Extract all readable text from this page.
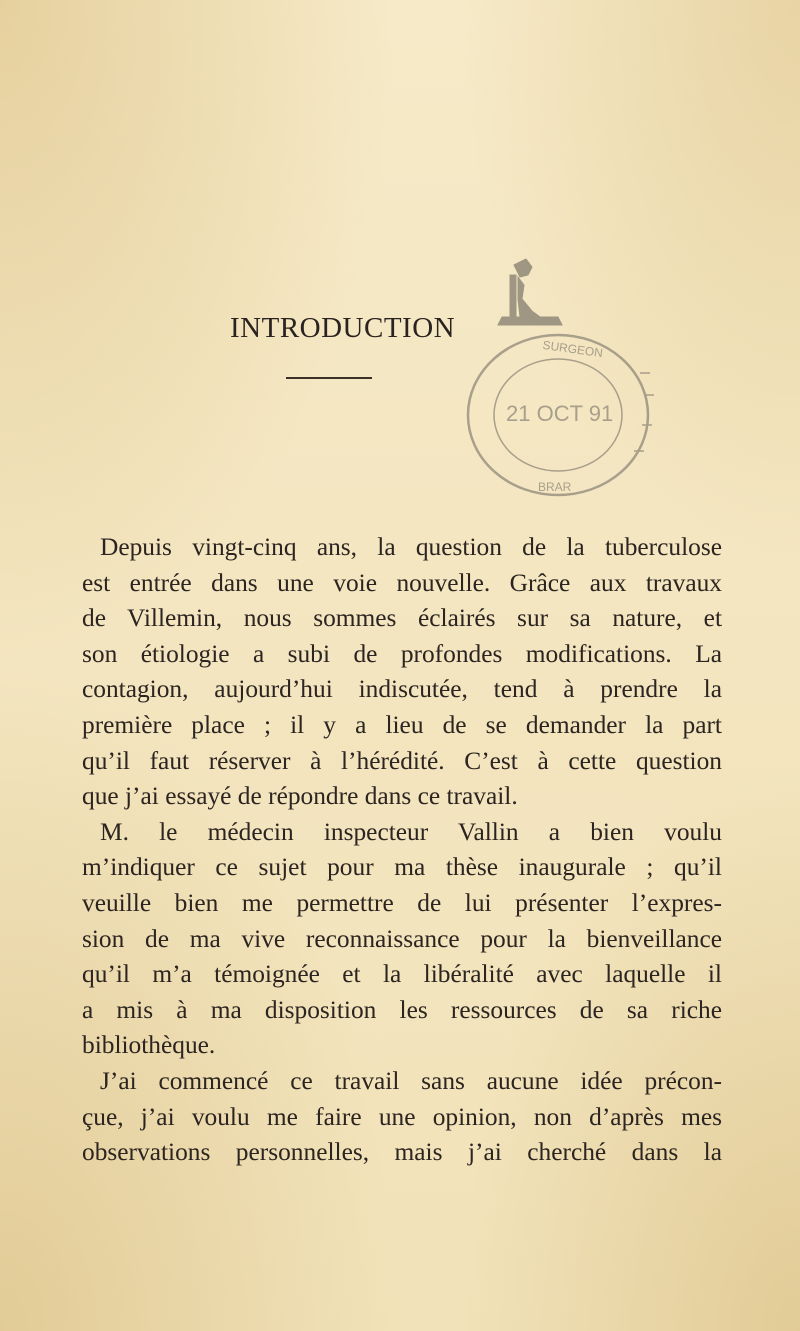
INTRODUCTION
SURGEON
BRAR
21 OCT 91
Depuis vingt-cinq ans, la question de la tuberculose
est entrée dans une voie nouvelle. Grâce aux travaux
de Villemin, nous sommes éclairés sur sa nature, et
son étiologie a subi de profondes modifications. La
contagion, aujourd’hui indiscutée, tend à prendre la
première place ; il y a lieu de se demander la part
qu’il faut réserver à l’hérédité. C’est à cette question
que j’ai essayé de répondre dans ce travail.
M. le médecin inspecteur Vallin a bien voulu
m’indiquer ce sujet pour ma thèse inaugurale ; qu’il
veuille bien me permettre de lui présenter l’expres-
sion de ma vive reconnaissance pour la bienveillance
qu’il m’a témoignée et la libéralité avec laquelle il
a mis à ma disposition les ressources de sa riche
bibliothèque.
J’ai commencé ce travail sans aucune idée précon-
çue, j’ai voulu me faire une opinion, non d’après mes
observations personnelles, mais j’ai cherché dans la
